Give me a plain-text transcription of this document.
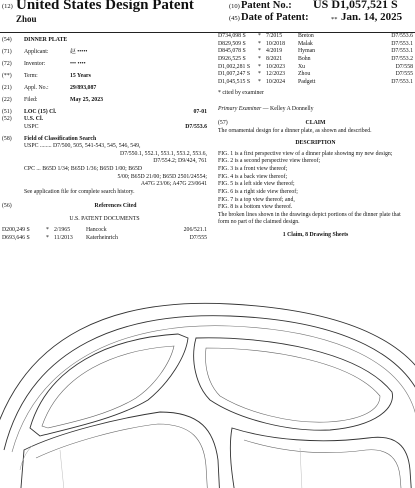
(12) United States Design Patent
Zhou
(10) Patent No.: US D1,057,521 S
(45) Date of Patent:	** Jan. 14, 2025
(54)	DINNER PLATE
(71)	Applicant:	赵 •••••
(72)	Inventor:	••• ••••
(**)	Term:	15 Years
(21)	Appl. No.:	29/893,087
(22)	Filed:	May 25, 2023
(51)	LOC (15) Cl.	07-01
(52)	U.S. Cl.
USPC	D7/553.6
(58)	Field of Classification Search
USPC ........ D7/500, 505, 541-543, 545, 546, 549,
D7/550.1, 552.1, 553.1, 553.2, 553.6,
D7/554.2; D9/424, 761
CPC ... B65D 1/34; B65D 1/36; B65D 1/00; B65D
5/00; B65D 21/00; B65D 2501/24554;
A47G 23/06; A47G 23/0641
See application file for complete search history.
(56)	References Cited
U.S. PATENT DOCUMENTS
D200,249 S	* 2/1965	Hancock	206/521.1
D693,646 S	* 11/2013	Katerheinrich	D7/555
D734,098 S	* 7/2015	Breton	D7/553.6
D829,509 S	* 10/2018	Malak	D7/553.1
D845,078 S	* 4/2019	Hyman	D7/553.1
D926,525 S	* 8/2021	Bohn	D7/553.2
D1,002,281 S	* 10/2023	Xu	D7/558
D1,007,247 S	* 12/2023	Zhou	D7/555
D1,045,515 S	* 10/2024	Padgett	D7/553.1
* cited by examiner
Primary Examiner — Kelley A Donnelly
(57)	CLAIM
The ornamental design for a dinner plate, as shown and described.
DESCRIPTION
FIG. 1 is a first perspective view of a dinner plate showing my new design;
FIG. 2 is a second perspective view thereof;
FIG. 3 is a front view thereof;
FIG. 4 is a back view thereof;
FIG. 5 is a left side view thereof;
FIG. 6 is a right side view thereof;
FIG. 7 is a top view thereof; and,
FIG. 8 is a bottom view thereof.
The broken lines shown in the drawings depict portions of the dinner plate that form no part of the claimed design.
1 Claim, 8 Drawing Sheets
